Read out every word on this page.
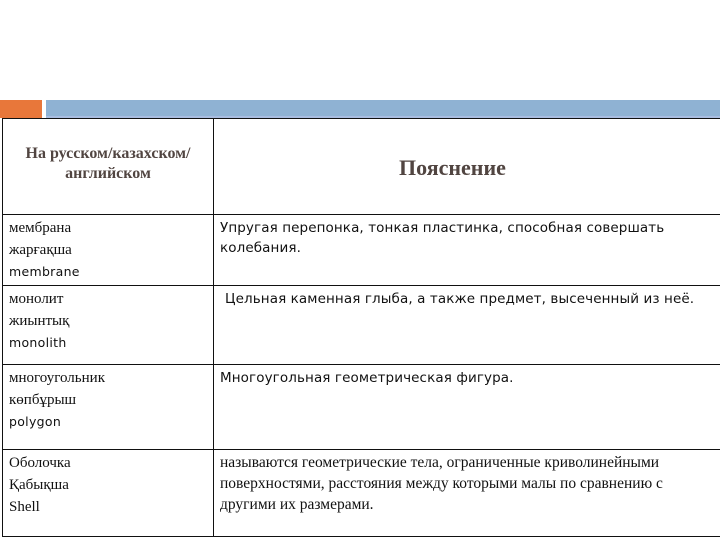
На русском/казахском/ английском	Пояснение

мембрана
жарғақша
membrane	Упругая перепонка, тонкая пластинка, способная совершать колебания.

монолит
жиынтық
monolith	Цельная каменная глыба, а также предмет, высеченный из неё.

многоугольник
көпбұрыш
polygon	Многоугольная геометрическая фигура.

Оболочка
Қабықша
Shell	называются геометрические тела, ограниченные криволинейными поверхностями, расстояния между которыми малы по сравнению с другими их размерами.
